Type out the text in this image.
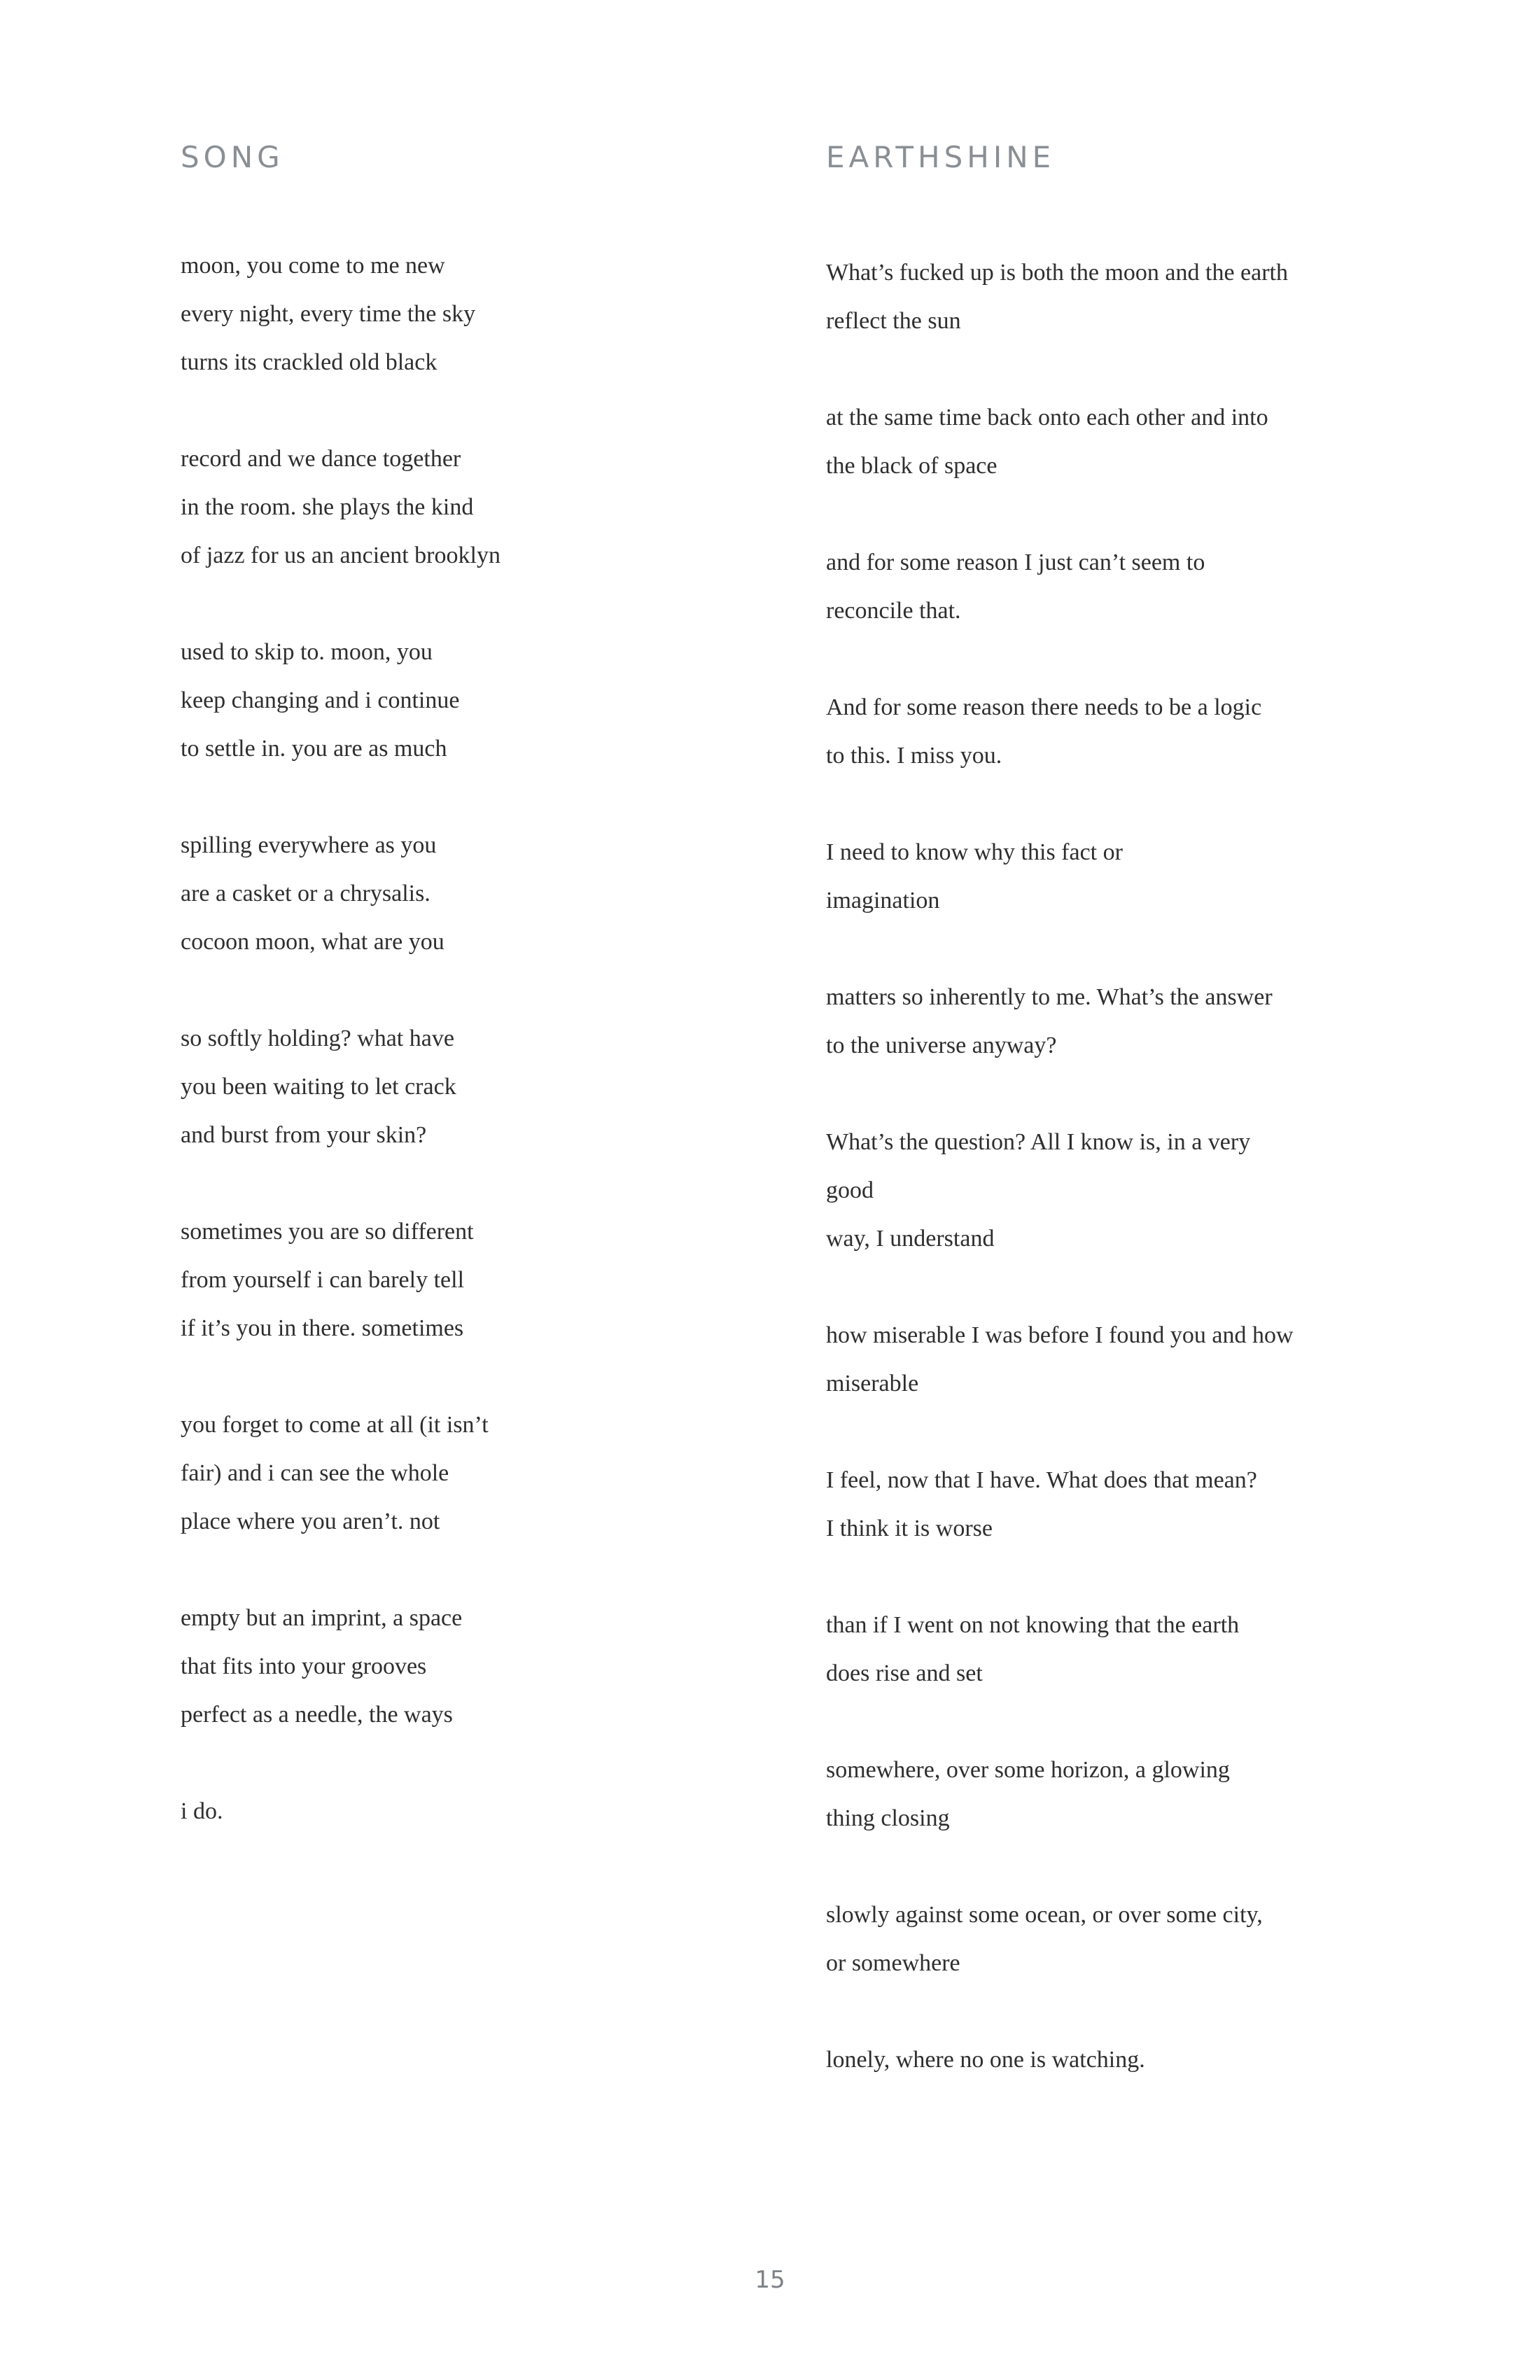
SONG
moon, you come to me new
every night, every time the sky
turns its crackled old black
record and we dance together
in the room. she plays the kind
of jazz for us an ancient brooklyn
used to skip to. moon, you
keep changing and i continue
to settle in. you are as much
spilling everywhere as you
are a casket or a chrysalis.
cocoon moon, what are you
so softly holding? what have
you been waiting to let crack
and burst from your skin?
sometimes you are so different
from yourself i can barely tell
if it’s you in there. sometimes
you forget to come at all (it isn’t
fair) and i can see the whole
place where you aren’t. not
empty but an imprint, a space
that fits into your grooves
perfect as a needle, the ways
i do.
EARTHSHINE
What’s fucked up is both the moon and the earth
reflect the sun
at the same time back onto each other and into
the black of space
and for some reason I just can’t seem to
reconcile that.
And for some reason there needs to be a logic
to this. I miss you.
I need to know why this fact or
imagination
matters so inherently to me. What’s the answer
to the universe anyway?
What’s the question? All I know is, in a very
good
way, I understand
how miserable I was before I found you and how
miserable
I feel, now that I have. What does that mean?
I think it is worse
than if I went on not knowing that the earth
does rise and set
somewhere, over some horizon, a glowing
thing closing
slowly against some ocean, or over some city,
or somewhere
lonely, where no one is watching.
15
